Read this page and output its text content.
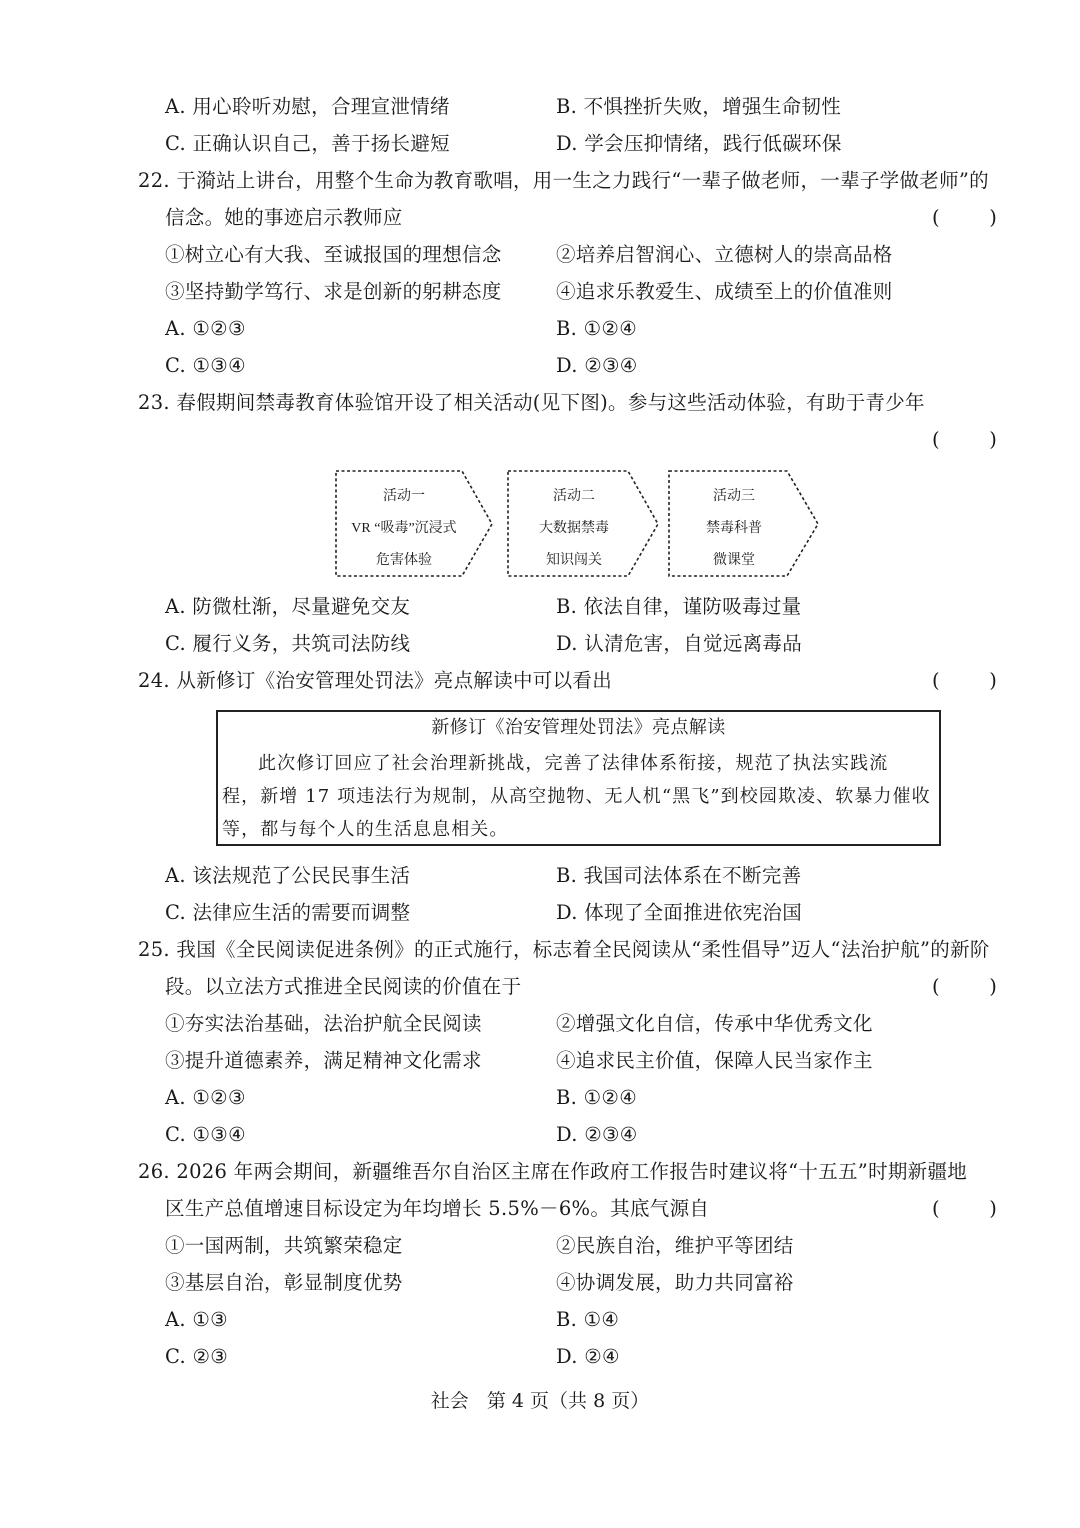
A. 用心聆听劝慰，合理宣泄情绪	B. 不惧挫折失败，增强生命韧性
C. 正确认识自己，善于扬长避短	D. 学会压抑情绪，践行低碳环保
22. 于漪站上讲台，用整个生命为教育歌唱，用一生之力践行“一辈子做老师，一辈子学做老师”的
信念。她的事迹启示教师应	(        )
①树立心有大我、至诚报国的理想信念	②培养启智润心、立德树人的崇高品格
③坚持勤学笃行、求是创新的躬耕态度	④追求乐教爱生、成绩至上的价值准则
A. ①②③	B. ①②④
C. ①③④	D. ②③④
23. 春假期间禁毒教育体验馆开设了相关活动(见下图)。参与这些活动体验，有助于青少年
(        )
活动一
VR “吸毒”沉浸式
危害体验
活动二
大数据禁毒
知识闯关
活动三
禁毒科普
微课堂
A. 防微杜渐，尽量避免交友	B. 依法自律，谨防吸毒过量
C. 履行义务，共筑司法防线	D. 认清危害，自觉远离毒品
24. 从新修订《治安管理处罚法》亮点解读中可以看出	(        )
新修订《治安管理处罚法》亮点解读
此次修订回应了社会治理新挑战，完善了法律体系衔接，规范了执法实践流
程，新增 17 项违法行为规制，从高空抛物、无人机“黑飞”到校园欺凌、软暴力催收
等，都与每个人的生活息息相关。
A. 该法规范了公民民事生活	B. 我国司法体系在不断完善
C. 法律应生活的需要而调整	D. 体现了全面推进依宪治国
25. 我国《全民阅读促进条例》的正式施行，标志着全民阅读从“柔性倡导”迈人“法治护航”的新阶
段。以立法方式推进全民阅读的价值在于	(        )
①夯实法治基础，法治护航全民阅读	②增强文化自信，传承中华优秀文化
③提升道德素养，满足精神文化需求	④追求民主价值，保障人民当家作主
A. ①②③	B. ①②④
C. ①③④	D. ②③④
26. 2026 年两会期间，新疆维吾尔自治区主席在作政府工作报告时建议将“十五五”时期新疆地
区生产总值增速目标设定为年均增长 5.5%－6%。其底气源自	(        )
①一国两制，共筑繁荣稳定	②民族自治，维护平等团结
③基层自治，彰显制度优势	④协调发展，助力共同富裕
A. ①③	B. ①④
C. ②③	D. ②④
社会   第 4 页（共 8 页）
